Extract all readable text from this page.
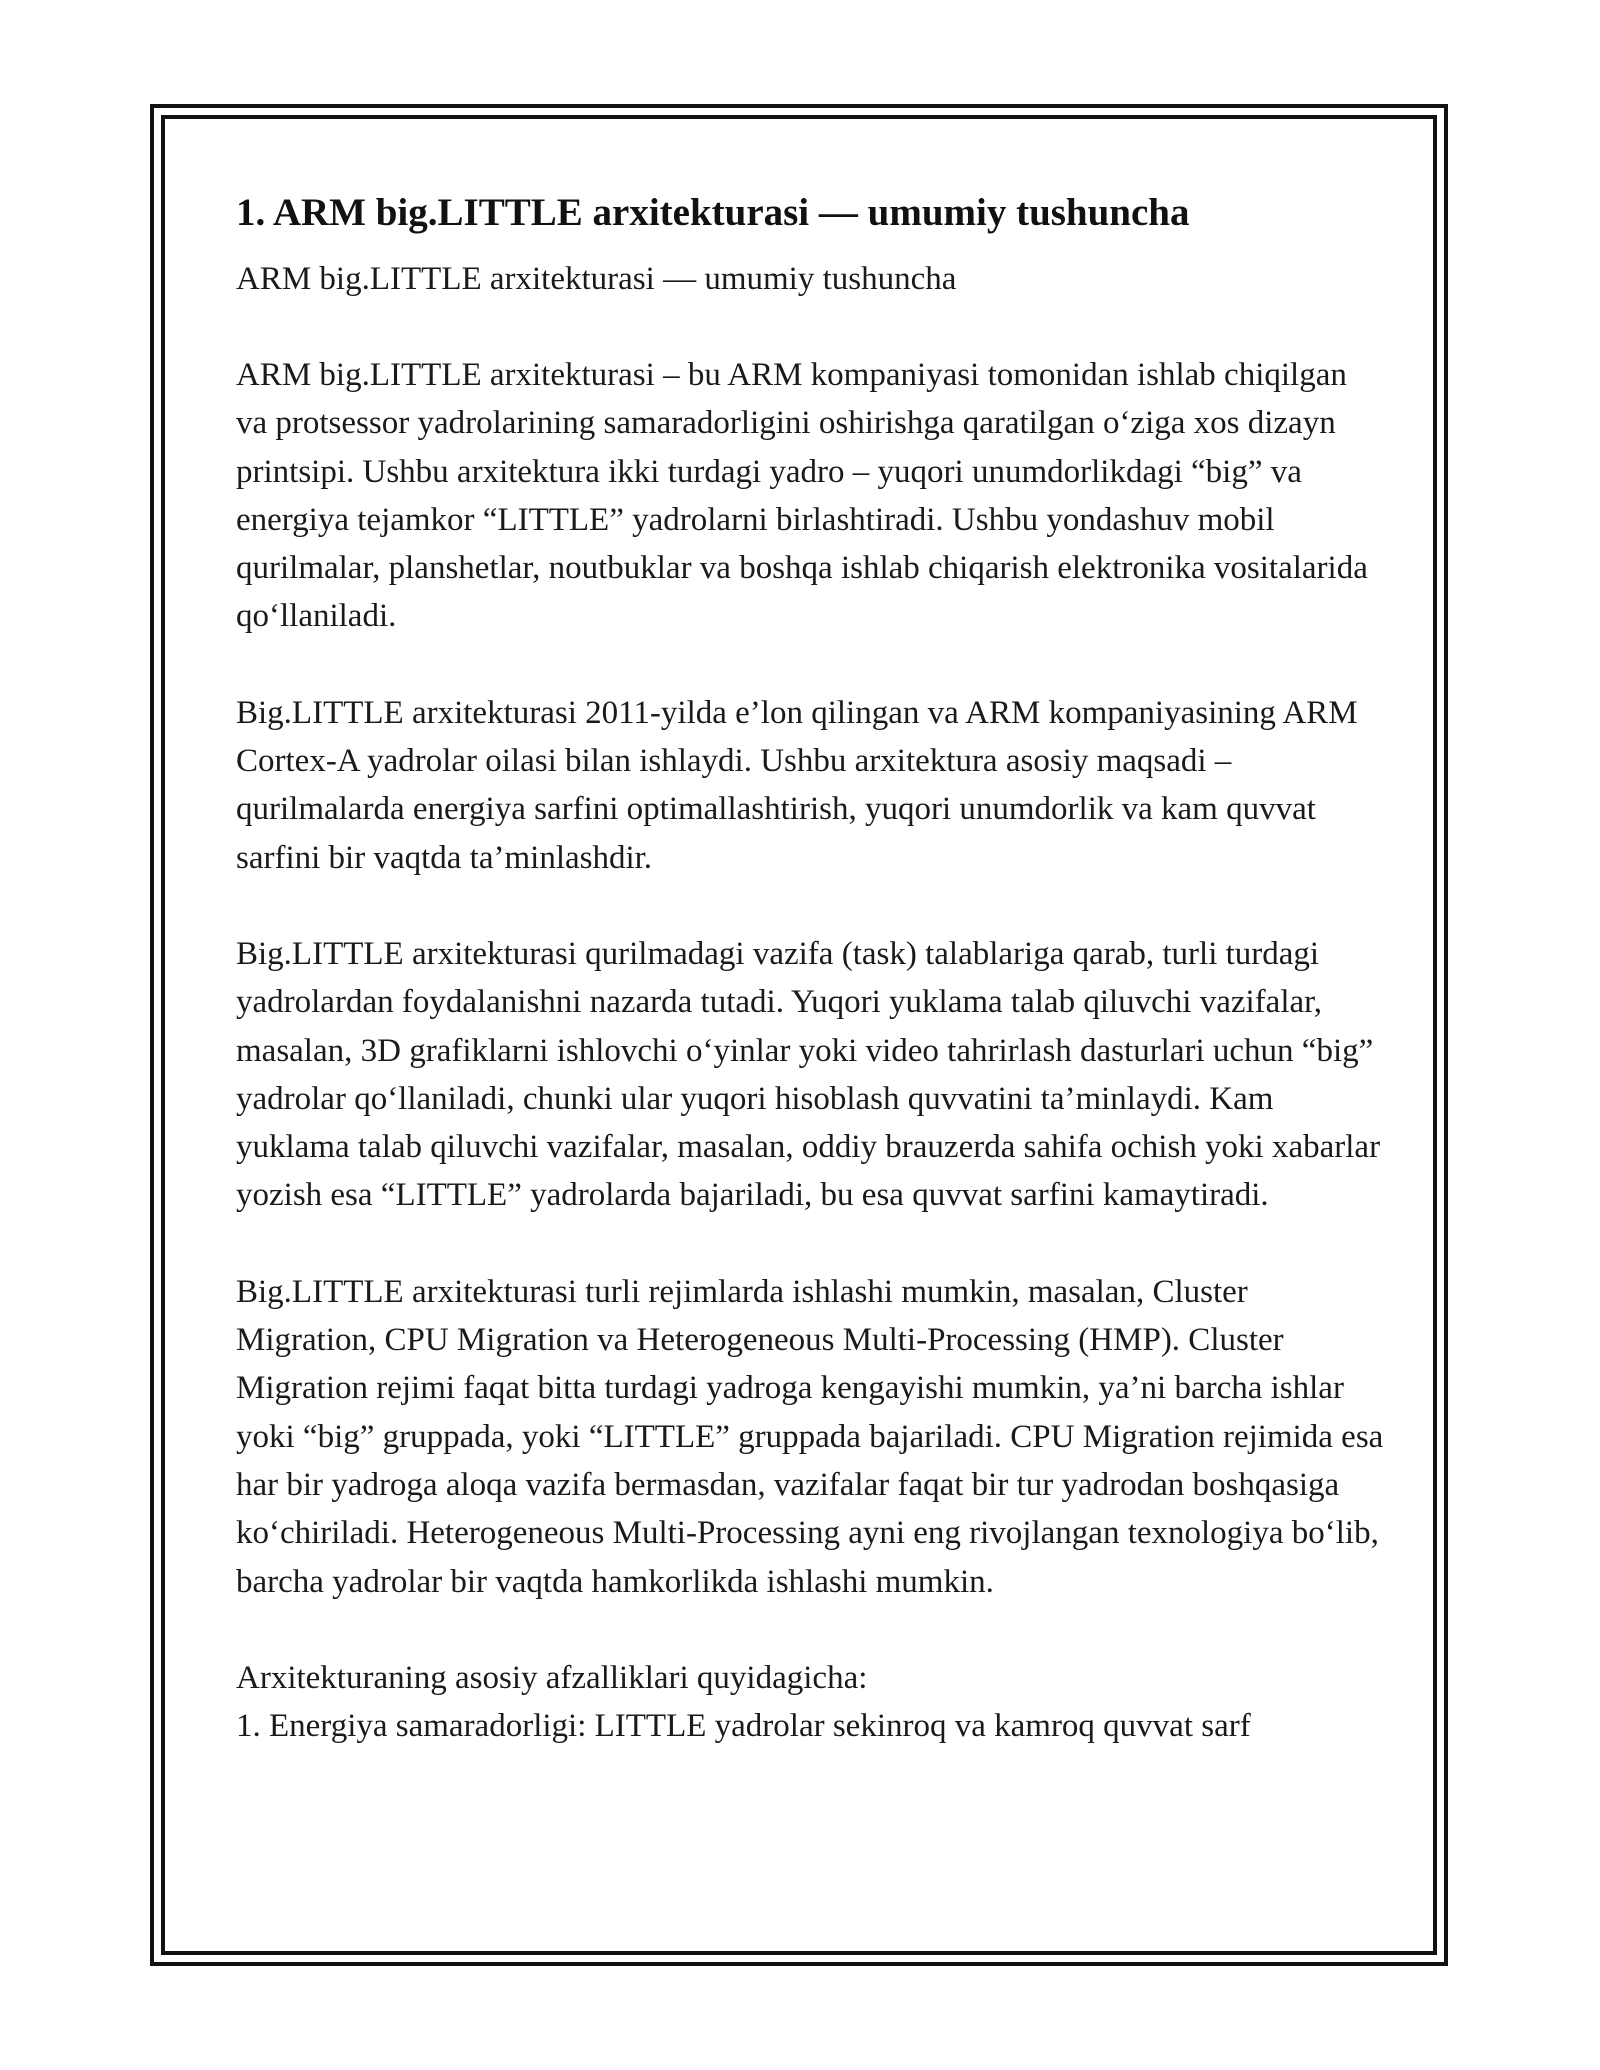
1. ARM big.LITTLE arxitekturasi — umumiy tushuncha

ARM big.LITTLE arxitekturasi — umumiy tushuncha

ARM big.LITTLE arxitekturasi – bu ARM kompaniyasi tomonidan ishlab chiqilgan va protsessor yadrolarining samaradorligini oshirishga qaratilgan o‘ziga xos dizayn printsipi. Ushbu arxitektura ikki turdagi yadro – yuqori unumdorlikdagi “big” va energiya tejamkor “LITTLE” yadrolarni birlashtiradi. Ushbu yondashuv mobil qurilmalar, planshetlar, noutbuklar va boshqa ishlab chiqarish elektronika vositalarida qo‘llaniladi.

Big.LITTLE arxitekturasi 2011-yilda e’lon qilingan va ARM kompaniyasining ARM Cortex-A yadrolar oilasi bilan ishlaydi. Ushbu arxitektura asosiy maqsadi – qurilmalarda energiya sarfini optimallashtirish, yuqori unumdorlik va kam quvvat sarfini bir vaqtda ta’minlashdir.

Big.LITTLE arxitekturasi qurilmadagi vazifa (task) talablariga qarab, turli turdagi yadrolardan foydalanishni nazarda tutadi. Yuqori yuklama talab qiluvchi vazifalar, masalan, 3D grafiklarni ishlovchi o‘yinlar yoki video tahrirlash dasturlari uchun “big” yadrolar qo‘llaniladi, chunki ular yuqori hisoblash quvvatini ta’minlaydi. Kam yuklama talab qiluvchi vazifalar, masalan, oddiy brauzerda sahifa ochish yoki xabarlar yozish esa “LITTLE” yadrolarda bajariladi, bu esa quvvat sarfini kamaytiradi.

Big.LITTLE arxitekturasi turli rejimlarda ishlashi mumkin, masalan, Cluster Migration, CPU Migration va Heterogeneous Multi-Processing (HMP). Cluster Migration rejimi faqat bitta turdagi yadroga kengayishi mumkin, ya’ni barcha ishlar yoki “big” gruppada, yoki “LITTLE” gruppada bajariladi. CPU Migration rejimida esa har bir yadroga aloqa vazifa bermasdan, vazifalar faqat bir tur yadrodan boshqasiga ko‘chiriladi. Heterogeneous Multi-Processing ayni eng rivojlangan texnologiya bo‘lib, barcha yadrolar bir vaqtda hamkorlikda ishlashi mumkin.

Arxitekturaning asosiy afzalliklari quyidagicha:

1. Energiya samaradorligi: LITTLE yadrolar sekinroq va kamroq quvvat sarf
